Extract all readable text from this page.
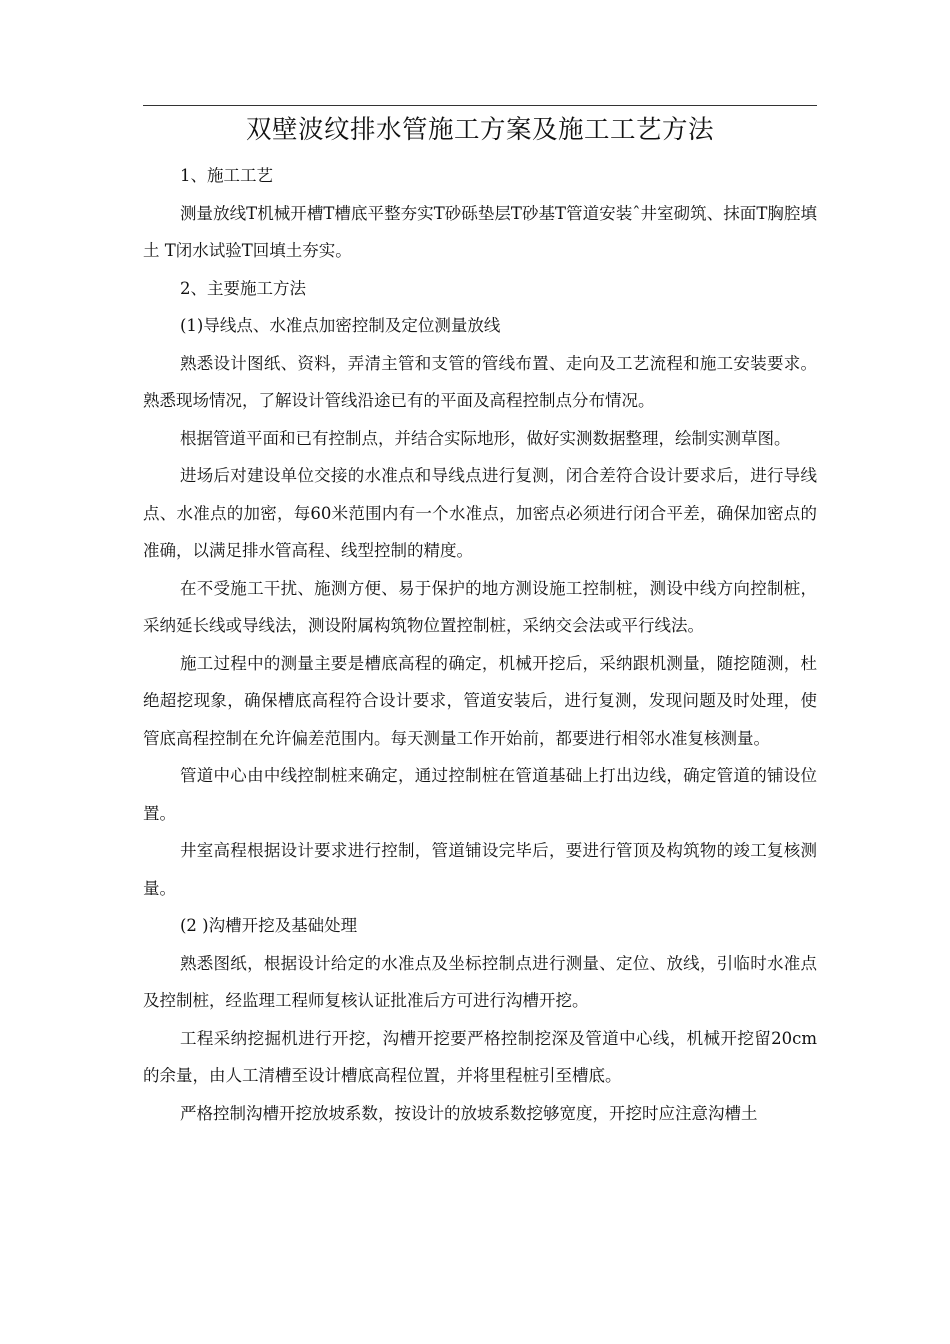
双壁波纹排水管施工方案及施工工艺方法

1、施工工艺

测量放线T机械开槽T槽底平整夯实T砂砾垫层T砂基T管道安装ˆ井室砌筑、抹面T胸腔填土 T闭水试验T回填土夯实。

2、主要施工方法

(1)导线点、水准点加密控制及定位测量放线

熟悉设计图纸、资料，弄清主管和支管的管线布置、走向及工艺流程和施工安装要求。熟悉现场情况，了解设计管线沿途已有的平面及高程控制点分布情况。

根据管道平面和已有控制点，并结合实际地形，做好实测数据整理，绘制实测草图。

进场后对建设单位交接的水准点和导线点进行复测，闭合差符合设计要求后，进行导线点、水准点的加密，每60米范围内有一个水准点，加密点必须进行闭合平差，确保加密点的准确，以满足排水管高程、线型控制的精度。

在不受施工干扰、施测方便、易于保护的地方测设施工控制桩，测设中线方向控制桩，采纳延长线或导线法，测设附属构筑物位置控制桩，采纳交会法或平行线法。

施工过程中的测量主要是槽底高程的确定，机械开挖后，采纳跟机测量，随挖随测，杜绝超挖现象，确保槽底高程符合设计要求，管道安装后，进行复测，发现问题及时处理，使管底高程控制在允许偏差范围内。每天测量工作开始前，都要进行相邻水准复核测量。

管道中心由中线控制桩来确定，通过控制桩在管道基础上打出边线，确定管道的铺设位置。

井室高程根据设计要求进行控制，管道铺设完毕后，要进行管顶及构筑物的竣工复核测量。

(2 )沟槽开挖及基础处理

熟悉图纸，根据设计给定的水准点及坐标控制点进行测量、定位、放线，引临时水准点及控制桩，经监理工程师复核认证批准后方可进行沟槽开挖。

工程采纳挖掘机进行开挖，沟槽开挖要严格控制挖深及管道中心线，机械开挖留20cm的余量，由人工清槽至设计槽底高程位置，并将里程桩引至槽底。

严格控制沟槽开挖放坡系数，按设计的放坡系数挖够宽度，开挖时应注意沟槽土
